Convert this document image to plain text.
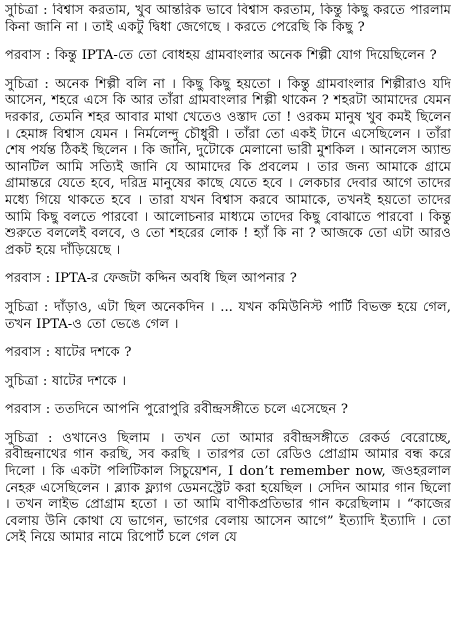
সুচিত্রা : বিশ্বাস করতাম, খুব আন্তরিক ভাবে বিশ্বাস করতাম, কিন্তু কিছু করতে পারলাম কিনা জানি না । তাই একটু দ্বিধা জেগেছে । করতে পেরেছি কি কিছু ?

পরবাস : কিন্তু IPTA-তে তো বোধহয় গ্রামবাংলার অনেক শিল্পী যোগ দিয়েছিলেন ?

সুচিত্রা : অনেক শিল্পী বলি না । কিছু কিছু হয়তো । কিন্তু গ্রামবাংলার শিল্পীরাও যদি আসেন, শহরে এসে কি আর তাঁরা গ্রামবাংলার শিল্পী থাকেন ? শহরটা আমাদের যেমন দরকার, তেমনি শহর আবার মাথা খেতেও ওস্তাদ তো ! ওরকম মানুষ খুব কমই ছিলেন । হেমাঙ্গ বিশ্বাস যেমন । নির্মলেন্দু চৌধুরী । তাঁরা তো একই টানে এসেছিলেন । তাঁরা শেষ পর্যন্ত ঠিকই ছিলেন । কি জানি, দুটোকে মেলানো ভারী মুশকিল । আনলেস অ্যান্ড আনটিল আমি সত্যিই জানি যে আমাদের কি প্রবলেম । তার জন্য আমাকে গ্রামে গ্রামান্তরে যেতে হবে, দরিদ্র মানুষের কাছে যেতে হবে । লেকচার দেবার আগে তাদের মধ্যে গিয়ে থাকতে হবে । তারা যখন বিশ্বাস করবে আমাকে, তখনই হয়তো তাদের আমি কিছু বলতে পারবো । আলোচনার মাধ্যমে তাদের কিছু বোঝাতে পারবো । কিন্তু শুরুতে বললেই বলবে, ও তো শহরের লোক ! হ্যাঁ কি না ? আজকে তো এটা আরও প্রকট হয়ে দাঁড়িয়েছে ।

পরবাস : IPTA-র ফেজটা কদ্দিন অবধি ছিল আপনার ?

সুচিত্রা : দাঁড়াও, এটা ছিল অনেকদিন । ... যখন কমিউনিস্ট পার্টি বিভক্ত হয়ে গেল, তখন IPTA-ও তো ভেঙে গেল ।

পরবাস : ষাটের দশকে ?

সুচিত্রা : ষাটের দশকে ।

পরবাস : ততদিনে আপনি পুরোপুরি রবীন্দ্রসঙ্গীতে চলে এসেছেন ?

সুচিত্রা : ওখানেও ছিলাম । তখন তো আমার রবীন্দ্রসঙ্গীতে রেকর্ড বেরোচ্ছে, রবীন্দ্রনাথের গান করছি, সব করছি । তারপর তো রেডিও প্রোগ্রাম আমার বন্ধ করে দিলো । কি একটা পলিটিকাল সিচুয়েশন, I don’t remember now, জওহরলাল নেহরু এসেছিলেন । ব্ল্যাক ফ্ল্যাগ ডেমনস্ট্রেট করা হয়েছিল । সেদিন আমার গান ছিলো । তখন লাইভ প্রোগ্রাম হতো । তা আমি বাণীকপ্রতিভার গান করেছিলাম । “কাজের বেলায় উনি কোথা যে ভাগেন, ভাগের বেলায় আসেন আগে” ইত্যাদি ইত্যাদি । তো সেই নিয়ে আমার নামে রিপোর্ট চলে গেল যে
